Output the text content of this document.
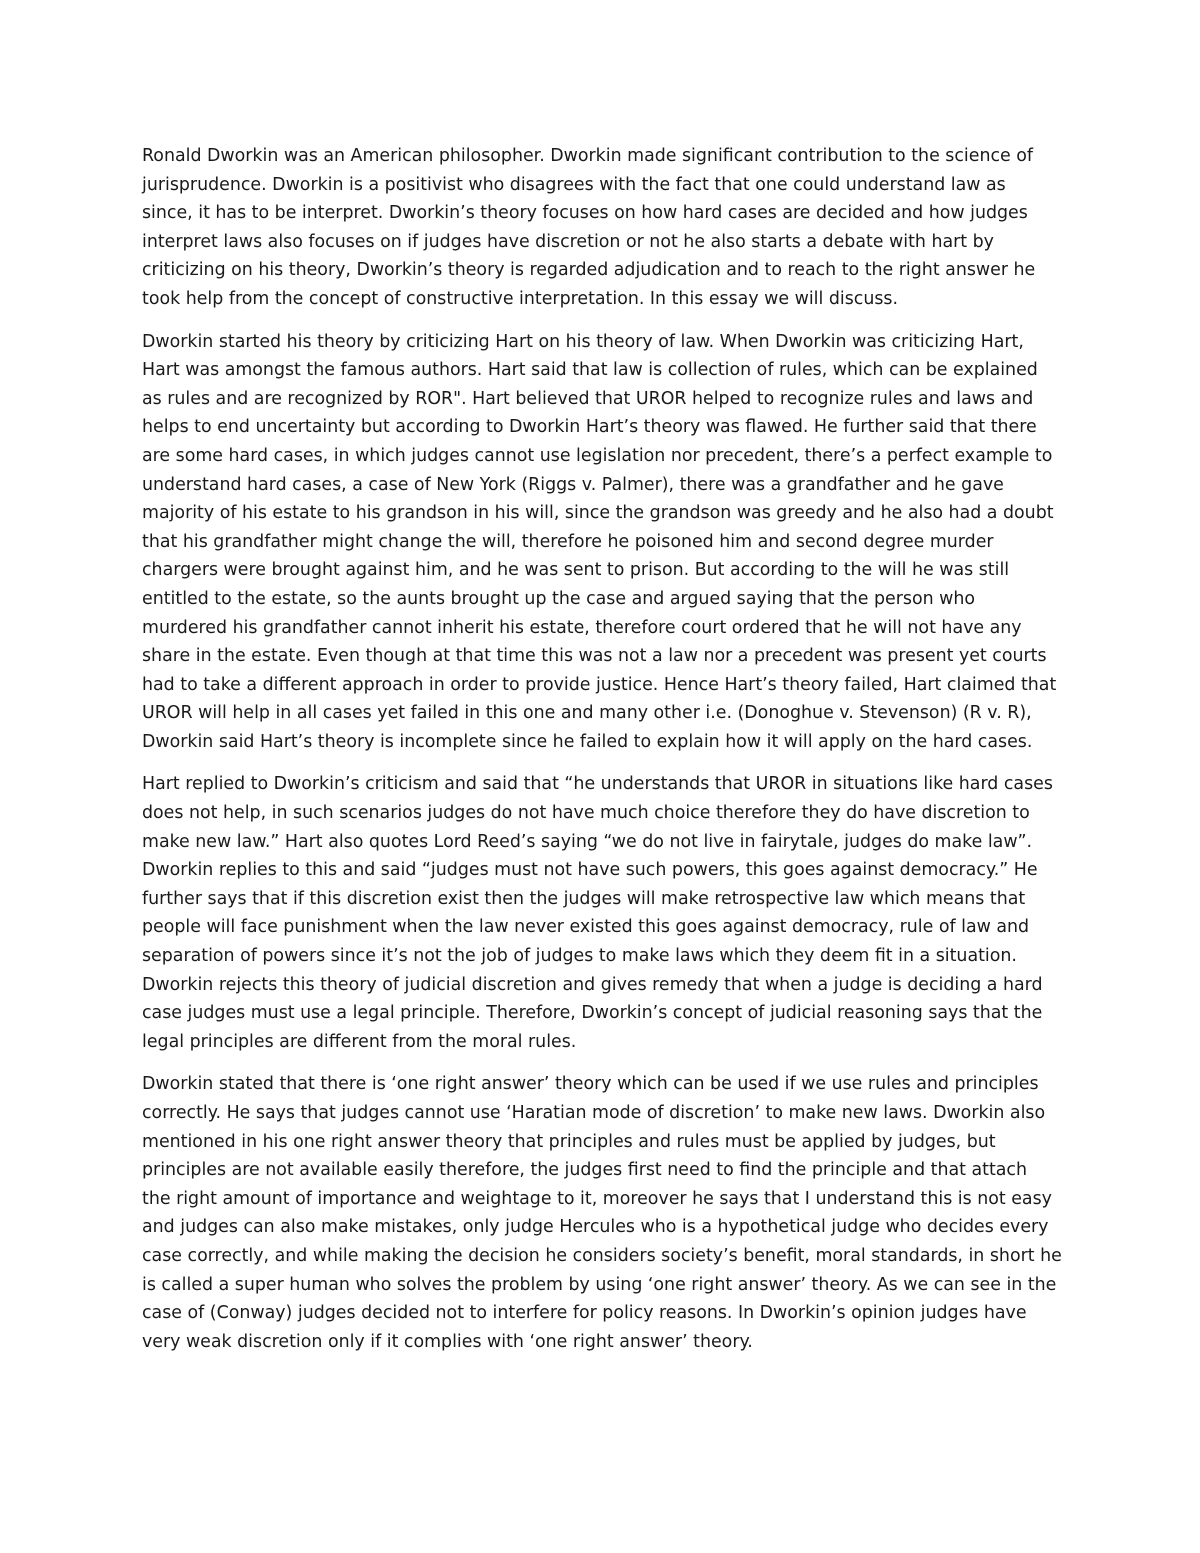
Ronald Dworkin was an American philosopher. Dworkin made significant contribution to the science of
jurisprudence. Dworkin is a positivist who disagrees with the fact that one could understand law as
since, it has to be interpret. Dworkin’s theory focuses on how hard cases are decided and how judges
interpret laws also focuses on if judges have discretion or not he also starts a debate with hart by
criticizing on his theory, Dworkin’s theory is regarded adjudication and to reach to the right answer he
took help from the concept of constructive interpretation. In this essay we will discuss.
Dworkin started his theory by criticizing Hart on his theory of law. When Dworkin was criticizing Hart,
Hart was amongst the famous authors. Hart said that law is collection of rules, which can be explained
as rules and are recognized by ROR". Hart believed that UROR helped to recognize rules and laws and
helps to end uncertainty but according to Dworkin Hart’s theory was flawed. He further said that there
are some hard cases, in which judges cannot use legislation nor precedent, there’s a perfect example to
understand hard cases, a case of New York (Riggs v. Palmer), there was a grandfather and he gave
majority of his estate to his grandson in his will, since the grandson was greedy and he also had a doubt
that his grandfather might change the will, therefore he poisoned him and second degree murder
chargers were brought against him, and he was sent to prison. But according to the will he was still
entitled to the estate, so the aunts brought up the case and argued saying that the person who
murdered his grandfather cannot inherit his estate, therefore court ordered that he will not have any
share in the estate. Even though at that time this was not a law nor a precedent was present yet courts
had to take a different approach in order to provide justice. Hence Hart’s theory failed, Hart claimed that
UROR will help in all cases yet failed in this one and many other i.e. (Donoghue v. Stevenson) (R v. R),
Dworkin said Hart’s theory is incomplete since he failed to explain how it will apply on the hard cases.
Hart replied to Dworkin’s criticism and said that “he understands that UROR in situations like hard cases
does not help, in such scenarios judges do not have much choice therefore they do have discretion to
make new law.” Hart also quotes Lord Reed’s saying “we do not live in fairytale, judges do make law”.
Dworkin replies to this and said “judges must not have such powers, this goes against democracy.” He
further says that if this discretion exist then the judges will make retrospective law which means that
people will face punishment when the law never existed this goes against democracy, rule of law and
separation of powers since it’s not the job of judges to make laws which they deem fit in a situation.
Dworkin rejects this theory of judicial discretion and gives remedy that when a judge is deciding a hard
case judges must use a legal principle. Therefore, Dworkin’s concept of judicial reasoning says that the
legal principles are different from the moral rules.
Dworkin stated that there is ‘one right answer’ theory which can be used if we use rules and principles
correctly. He says that judges cannot use ‘Haratian mode of discretion’ to make new laws. Dworkin also
mentioned in his one right answer theory that principles and rules must be applied by judges, but
principles are not available easily therefore, the judges first need to find the principle and that attach
the right amount of importance and weightage to it, moreover he says that I understand this is not easy
and judges can also make mistakes, only judge Hercules who is a hypothetical judge who decides every
case correctly, and while making the decision he considers society’s benefit, moral standards, in short he
is called a super human who solves the problem by using ‘one right answer’ theory. As we can see in the
case of (Conway) judges decided not to interfere for policy reasons. In Dworkin’s opinion judges have
very weak discretion only if it complies with ‘one right answer’ theory.
